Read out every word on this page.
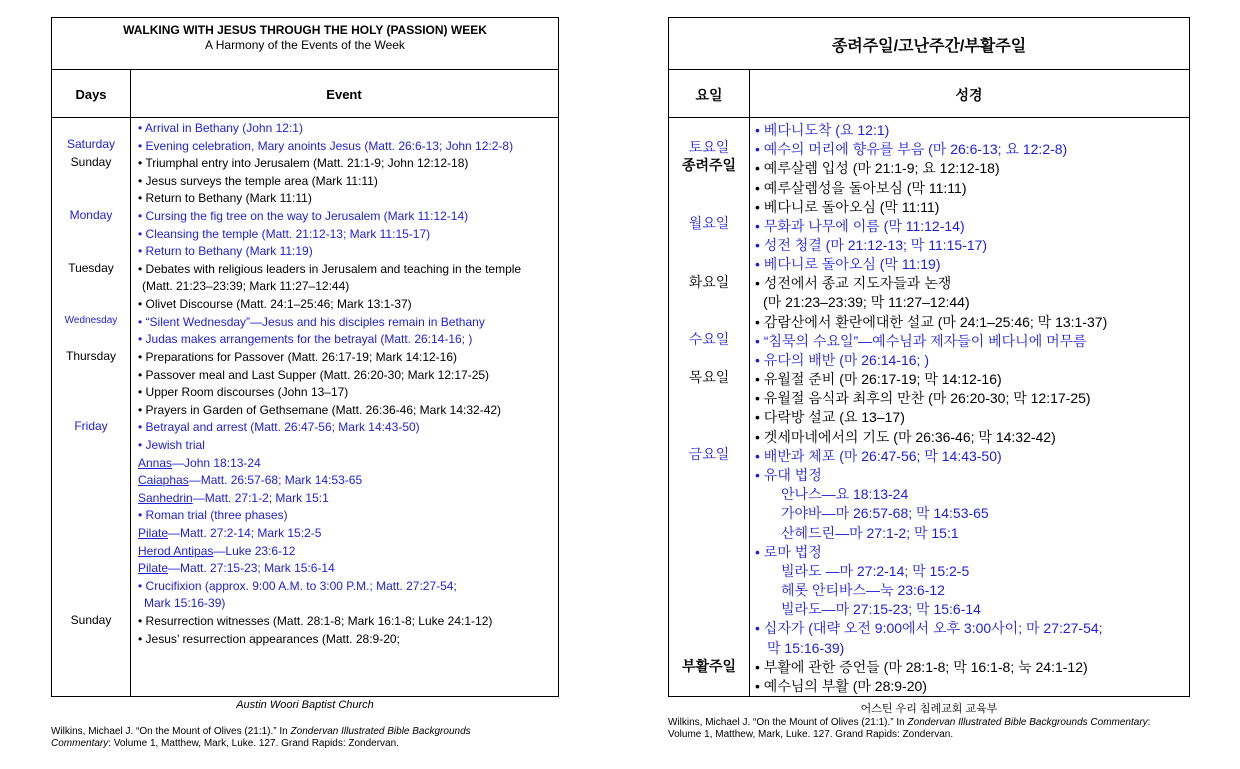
WALKING WITH JESUS THROUGH THE HOLY (PASSION) WEEK
A Harmony of the Events of the Week
Days	Event
Saturday
Sunday
Monday
Tuesday
Wednesday
Thursday
Friday
Sunday
• Arrival in Bethany (John 12:1)
• Evening celebration, Mary anoints Jesus (Matt. 26:6-13; John 12:2-8)
• Triumphal entry into Jerusalem (Matt. 21:1-9; John 12:12-18)
• Jesus surveys the temple area (Mark 11:11)
• Return to Bethany (Mark 11:11)
• Cursing the fig tree on the way to Jerusalem (Mark 11:12-14)
• Cleansing the temple (Matt. 21:12-13; Mark 11:15-17)
• Return to Bethany (Mark 11:19)
• Debates with religious leaders in Jerusalem and teaching in the temple
(Matt. 21:23–23:39; Mark 11:27–12:44)
• Olivet Discourse (Matt. 24:1–25:46; Mark 13:1-37)
• “Silent Wednesday”—Jesus and his disciples remain in Bethany
• Judas makes arrangements for the betrayal (Matt. 26:14-16; )
• Preparations for Passover (Matt. 26:17-19; Mark 14:12-16)
• Passover meal and Last Supper (Matt. 26:20-30; Mark 12:17-25)
• Upper Room discourses (John 13–17)
• Prayers in Garden of Gethsemane (Matt. 26:36-46; Mark 14:32-42)
• Betrayal and arrest (Matt. 26:47-56; Mark 14:43-50)
• Jewish trial
Annas—John 18:13-24
Caiaphas—Matt. 26:57-68; Mark 14:53-65
Sanhedrin—Matt. 27:1-2; Mark 15:1
• Roman trial (three phases)
Pilate—Matt. 27:2-14; Mark 15:2-5
Herod Antipas—Luke 23:6-12
Pilate—Matt. 27:15-23; Mark 15:6-14
• Crucifixion (approx. 9:00 A.M. to 3:00 P.M.; Matt. 27:27-54;
Mark 15:16-39)
• Resurrection witnesses (Matt. 28:1-8; Mark 16:1-8; Luke 24:1-12)
• Jesus’ resurrection appearances (Matt. 28:9-20;
Austin Woori Baptist Church
Wilkins, Michael J. “On the Mount of Olives (21:1).” In Zondervan Illustrated Bible Backgrounds
Commentary: Volume 1, Matthew, Mark, Luke. 127. Grand Rapids: Zondervan.
종려주일/고난주간/부활주일
요일	성경
토요일
종려주일
월요일
화요일
수요일
목요일
금요일
부활주일
• 베다니도착 (요 12:1)
• 예수의 머리에 향유를 부음 (마 26:6-13; 요 12:2-8)
• 예루살렘 입성 (마 21:1-9; 요 12:12-18)
• 예루살렘성을 돌아보심 (막 11:11)
• 베다니로 돌아오심 (막 11:11)
• 무화과 나무에 이름 (막 11:12-14)
• 성전 청결 (마 21:12-13; 막 11:15-17)
• 베다니로 돌아오심 (막 11:19)
• 성전에서 종교 지도자들과 논쟁
(마 21:23–23:39; 막 11:27–12:44)
• 감람산에서 환란에대한 설교 (마 24:1–25:46; 막 13:1-37)
• “침묵의 수요일”—예수님과 제자들이 베다니에 머무름
• 유다의 배반 (마 26:14-16; )
• 유월절 준비 (마 26:17-19; 막 14:12-16)
• 유월절 음식과 최후의 만찬 (마 26:20-30; 막 12:17-25)
• 다락방 설교 (요 13–17)
• 겟세마네에서의 기도 (마 26:36-46; 막 14:32-42)
• 배반과 체포 (마 26:47-56; 막 14:43-50)
• 유대 법정
안나스—요 18:13-24
가야바—마 26:57-68; 막 14:53-65
산헤드린—마 27:1-2; 막 15:1
• 로마 법정
빌라도 —마 27:2-14; 막 15:2-5
헤롯 안티바스—눅 23:6-12
빌라도—마 27:15-23; 막 15:6-14
• 십자가 (대략 오전 9:00에서 오후 3:00사이; 마 27:27-54;
막 15:16-39)
• 부활에 관한 증언들 (마 28:1-8; 막 16:1-8; 눅 24:1-12)
• 예수님의 부활 (마 28:9-20)
어스틴 우리 침례교회 교육부
Wilkins, Michael J. “On the Mount of Olives (21:1).” In Zondervan Illustrated Bible Backgrounds Commentary:
Volume 1, Matthew, Mark, Luke. 127. Grand Rapids: Zondervan.
